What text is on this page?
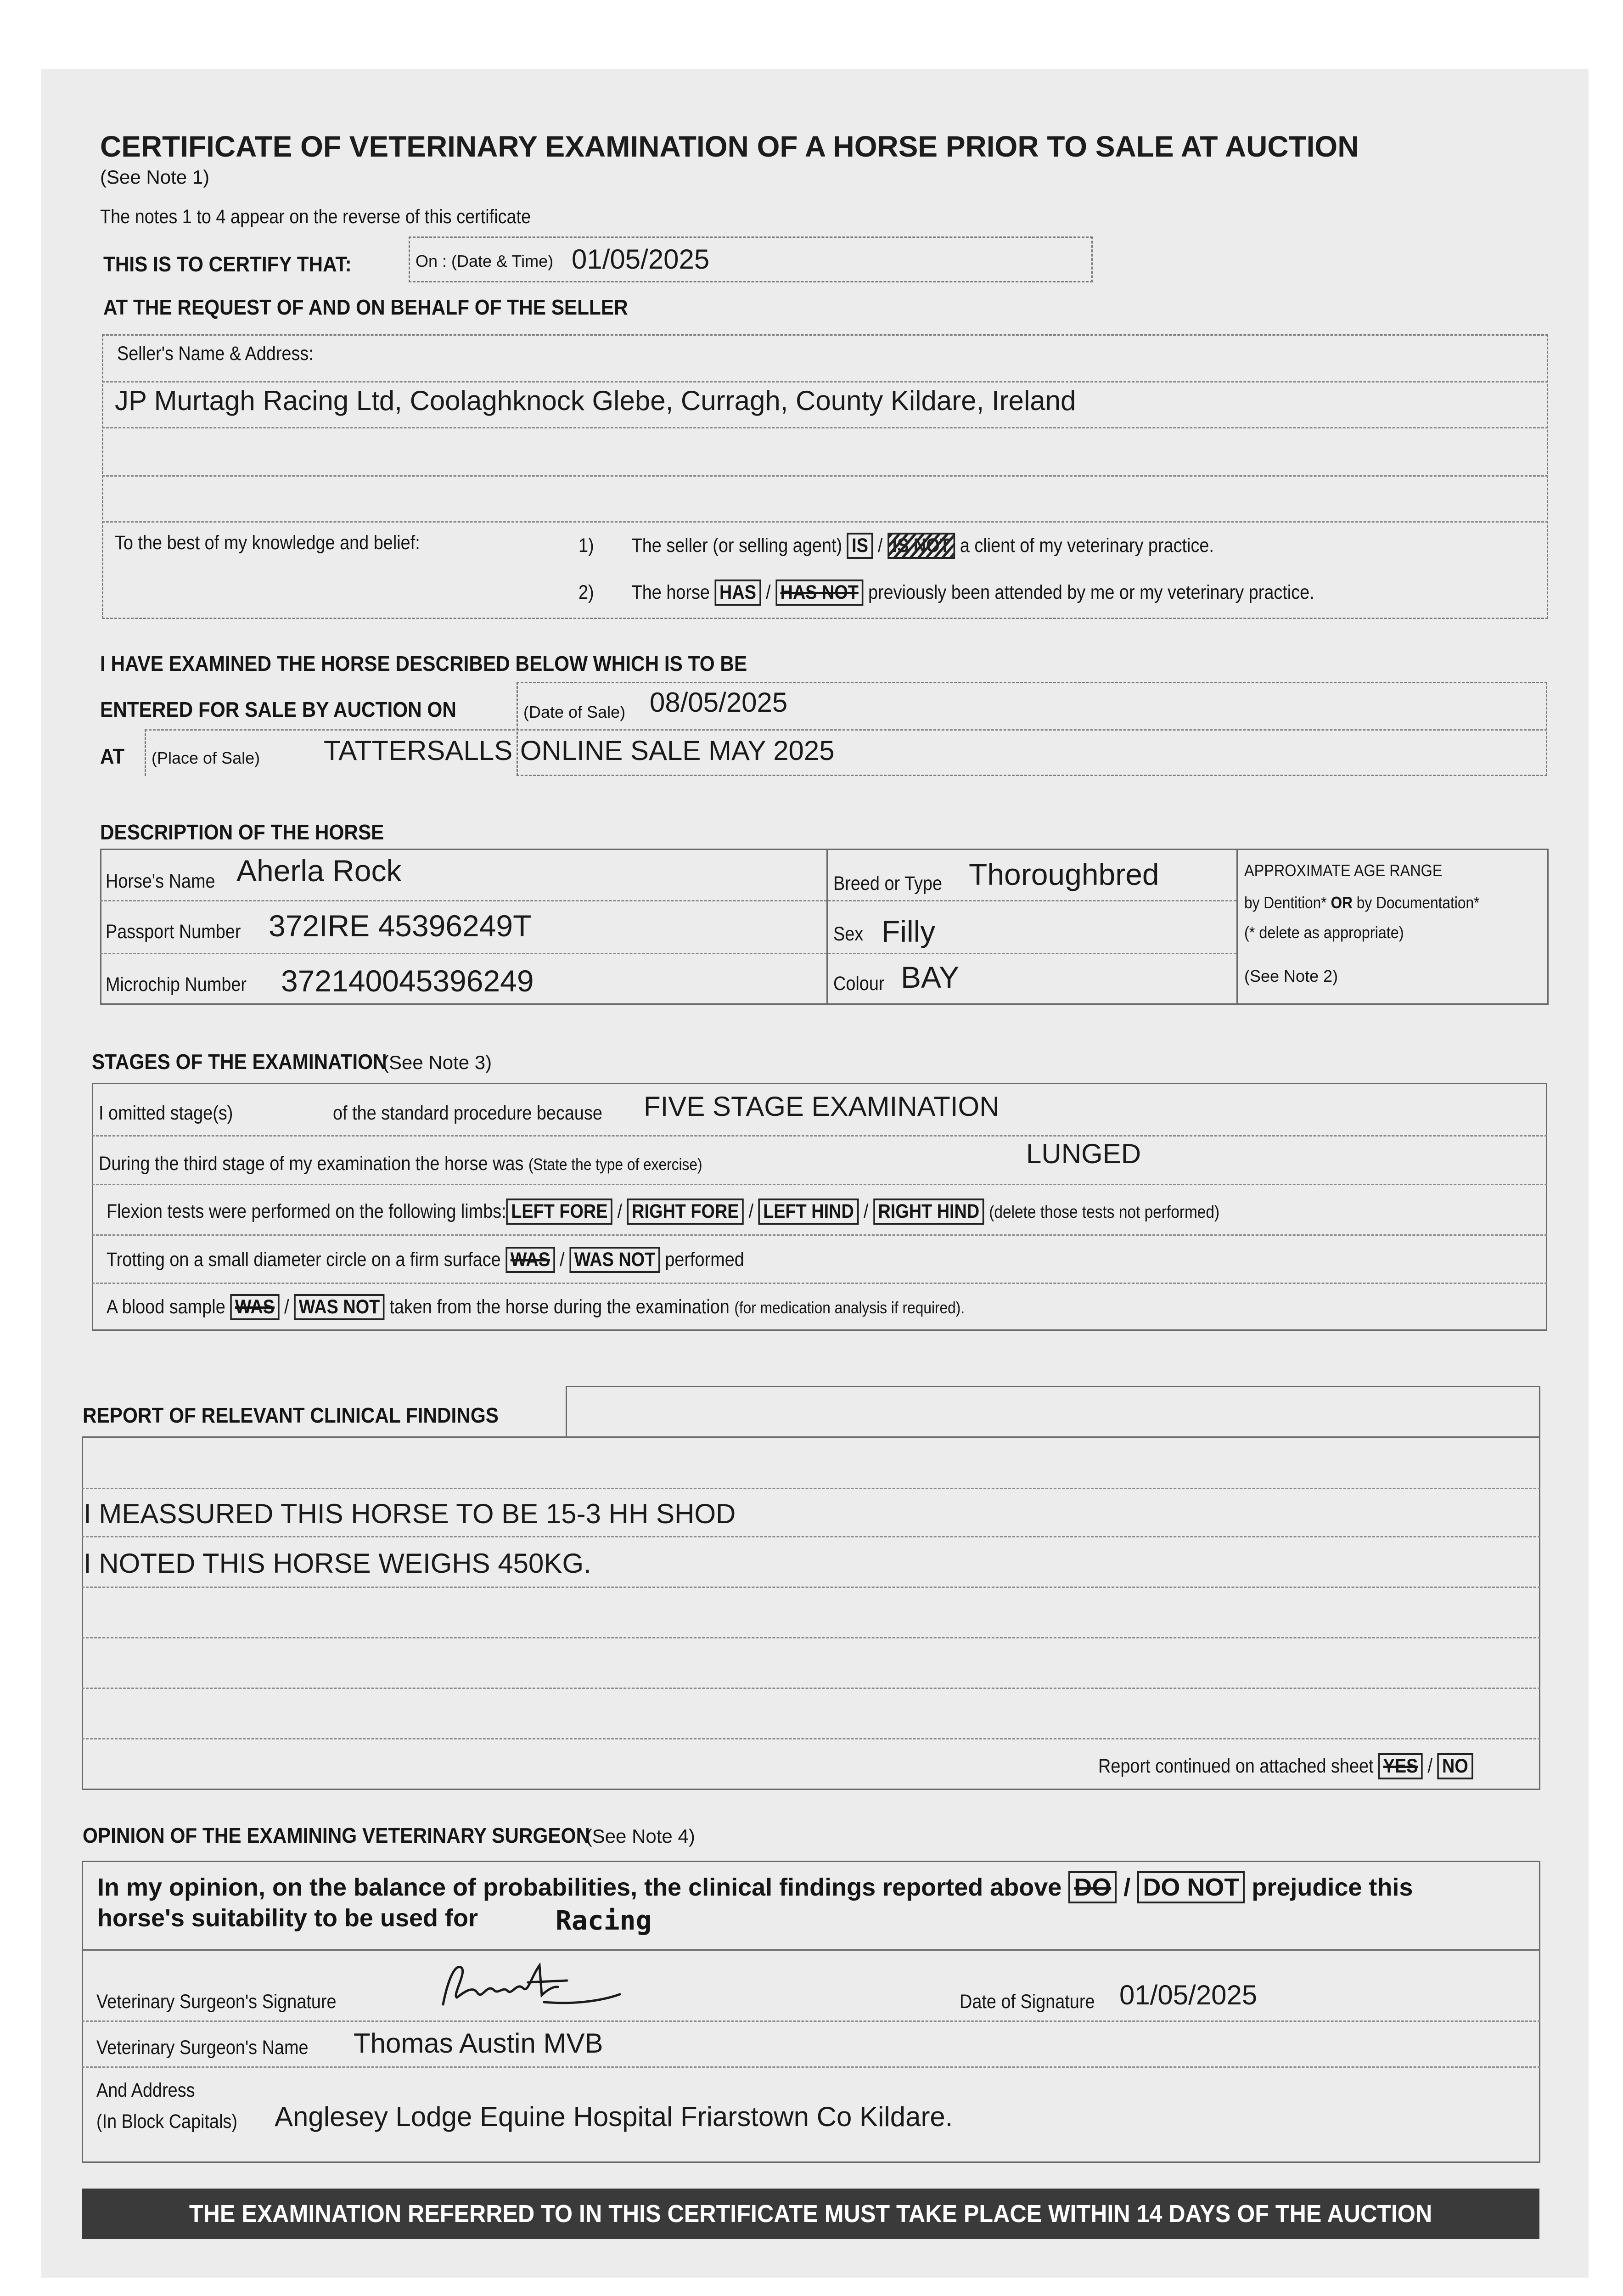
CERTIFICATE OF VETERINARY EXAMINATION OF A HORSE PRIOR TO SALE AT AUCTION
(See Note 1)
The notes 1 to 4 appear on the reverse of this certificate
THIS IS TO CERTIFY THAT:	On : (Date & Time) 01/05/2025
AT THE REQUEST OF AND ON BEHALF OF THE SELLER
Seller's Name & Address:
JP Murtagh Racing Ltd, Coolaghknock Glebe, Curragh, County Kildare, Ireland
To the best of my knowledge and belief:	1) The seller (or selling agent) IS / IS NOT a client of my veterinary practice.
2) The horse HAS / HAS NOT previously been attended by me or my veterinary practice.
I HAVE EXAMINED THE HORSE DESCRIBED BELOW WHICH IS TO BE
ENTERED FOR SALE BY AUCTION ON	(Date of Sale) 08/05/2025
AT (Place of Sale) TATTERSALLS ONLINE SALE MAY 2025
DESCRIPTION OF THE HORSE
Horse's Name Aherla Rock
Passport Number 372IRE 45396249T
Microchip Number 372140045396249
Breed or Type Thoroughbred
Sex Filly
Colour BAY
APPROXIMATE AGE RANGE
by Dentition* OR by Documentation*
(* delete as appropriate)
(See Note 2)
STAGES OF THE EXAMINATION (See Note 3)
I omitted stage(s)	of the standard procedure because FIVE STAGE EXAMINATION
During the third stage of my examination the horse was (State the type of exercise)	LUNGED
Flexion tests were performed on the following limbs: LEFT FORE / RIGHT FORE / LEFT HIND / RIGHT HIND (delete those tests not performed)
Trotting on a small diameter circle on a firm surface WAS / WAS NOT performed
A blood sample WAS / WAS NOT taken from the horse during the examination (for medication analysis if required).
REPORT OF RELEVANT CLINICAL FINDINGS
I MEASSURED THIS HORSE TO BE 15-3 HH SHOD
I NOTED THIS HORSE WEIGHS 450KG.
Report continued on attached sheet YES / NO
OPINION OF THE EXAMINING VETERINARY SURGEON (See Note 4)
In my opinion, on the balance of probabilities, the clinical findings reported above DO / DO NOT prejudice this
horse's suitability to be used for	Racing
Veterinary Surgeon's Signature	Date of Signature 01/05/2025
Veterinary Surgeon's Name Thomas Austin MVB
And Address
(In Block Capitals) Anglesey Lodge Equine Hospital Friarstown Co Kildare.
THE EXAMINATION REFERRED TO IN THIS CERTIFICATE MUST TAKE PLACE WITHIN 14 DAYS OF THE AUCTION
